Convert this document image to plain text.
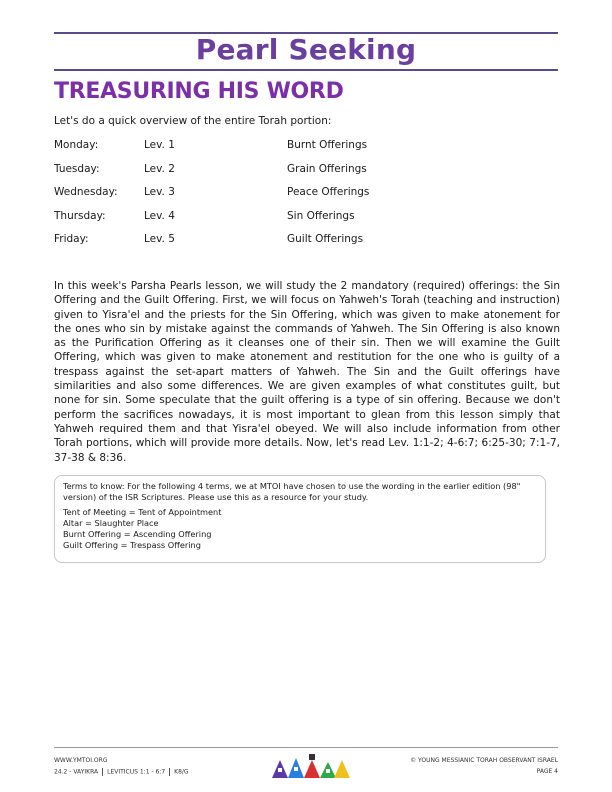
Pearl Seeking
TREASURING HIS WORD
Let's do a quick overview of the entire Torah portion:
Monday:	Lev. 1	Burnt Offerings
Tuesday:	Lev. 2	Grain Offerings
Wednesday:	Lev. 3	Peace Offerings
Thursday:	Lev. 4	Sin Offerings
Friday:	Lev. 5	Guilt Offerings
In this week's Parsha Pearls lesson, we will study the 2 mandatory (required) offerings: the Sin Offering and the Guilt Offering. First, we will focus on Yahweh's Torah (teaching and instruction) given to Yisra'el and the priests for the Sin Offering, which was given to make atonement for the ones who sin by mistake against the commands of Yahweh. The Sin Offering is also known as the Purification Offering as it cleanses one of their sin. Then we will examine the Guilt Offering, which was given to make atonement and restitution for the one who is guilty of a trespass against the set-apart matters of Yahweh. The Sin and the Guilt offerings have similarities and also some differences. We are given examples of what constitutes guilt, but none for sin. Some speculate that the guilt offering is a type of sin offering. Because we don't perform the sacrifices nowadays, it is most important to glean from this lesson simply that Yahweh required them and that Yisra'el obeyed. We will also include information from other Torah portions, which will provide more details. Now, let's read Lev. 1:1-2; 4-6:7; 6:25-30; 7:1-7, 37-38 & 8:36.

Terms to know: For the following 4 terms, we at MTOI have chosen to use the wording in the earlier edition (98" version) of the ISR Scriptures. Please use this as a resource for your study.

Tent of Meeting = Tent of Appointment

Altar = Slaughter Place

Burnt Offering = Ascending Offering

Guilt Offering = Trespass Offering

WWW.YMTOI.ORG
24.2 - VAYIKRA LEVITICUS 1:1 - 6:7 K8/G
© YOUNG MESSIANIC TORAH OBSERVANT ISRAEL
PAGE 4
